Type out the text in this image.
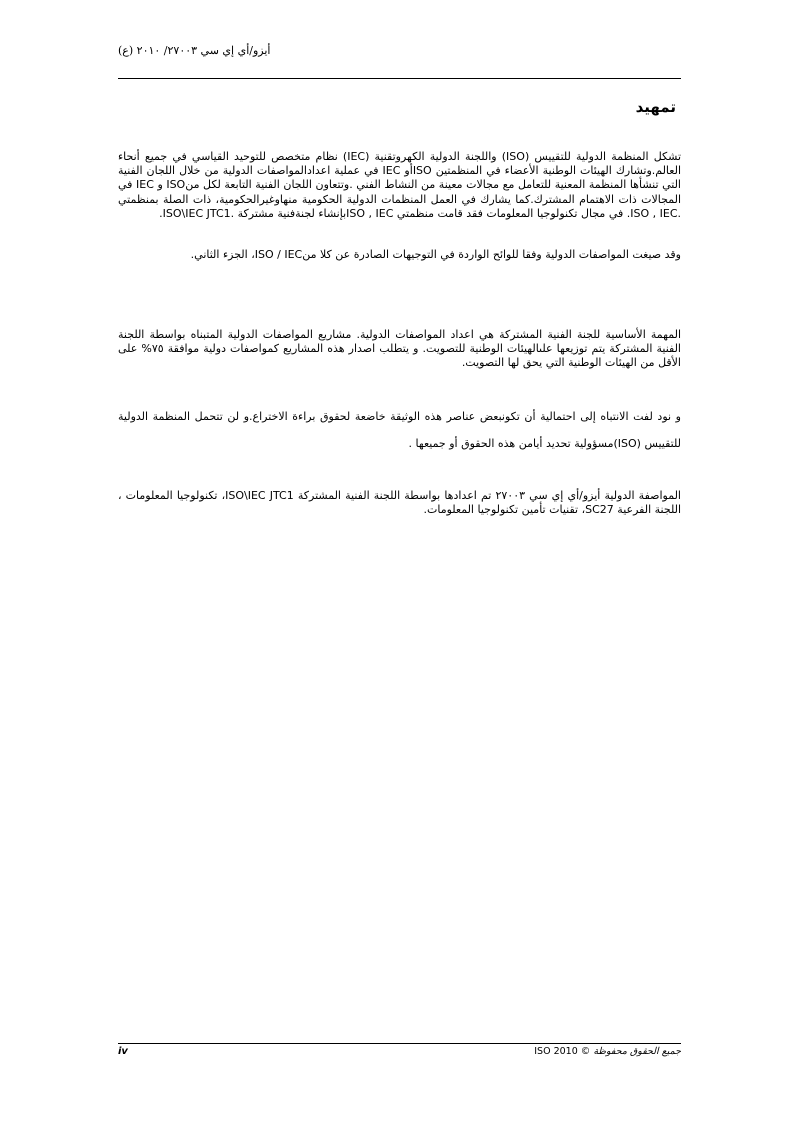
أيزو/أي إي سي ٢٧٠٠٣/ ٢٠١٠ (ع)
تمهيد

تشكل المنظمة الدولية للتقييس (ISO) واللجنة الدولية الكهروتقنية (IEC) نظام متخصص للتوحيد القياسي في جميع أنحاء العالم.وتشارك الهيئات الوطنية الأعضاء في المنظمتين ISOأو IEC في عملية اعدادالمواصفات الدولية من خلال اللجان الفنية التي تنشأها المنظمة المعنية للتعامل مع مجالات معينة من النشاط الفني .وتتعاون اللجان الفنية التابعة لكل منISO و IEC في المجالات ذات الاهتمام المشترك.كما يشارك في العمل المنظمات الدولية الحكومية منهاوغيرالحكومية، ذات الصلة بمنظمتي .ISO , IEC. في مجال تكنولوجيا المعلومات فقد قامت منظمتي ISO , IECبإنشاء لجنةفنية مشتركة .ISO\IEC JTC1.

وقد صيغت المواصفات الدولية وفقا للوائح الواردة في التوجيهات الصادرة عن كلا منISO / IEC، الجزء الثاني.

المهمة الأساسية للجنة الفنية المشتركة هي اعداد المواصفات الدولية. مشاريع المواصفات الدولية المتبناه بواسطة اللجنة الفنية المشتركة يتم توزيعها علىالهيئات الوطنية للتصويت. و يتطلب اصدار هذه المشاريع كمواصفات دولية موافقة ٧٥% على الأقل من الهيئات الوطنية التي يحق لها التصويت.

و نود لفت الانتباه إلى احتمالية أن تكونبعض عناصر هذه الوثيقة خاضعة لحقوق براءة الاختراع.و لن تتحمل المنظمة الدولية للتقييس (ISO)مسؤولية تحديد أيامن هذه الحقوق أو جميعها .

المواصفة الدولية أيزو/أي إي سي ٢٧٠٠٣ تم اعدادها بواسطة اللجنة الفنية المشتركة ISO\IEC JTC1، تكنولوجيا المعلومات ، اللجنة الفرعية SC27، تقنيات تأمين تكنولوجيا المعلومات.

iv	جميع الحقوق محفوظة © ISO 2010
